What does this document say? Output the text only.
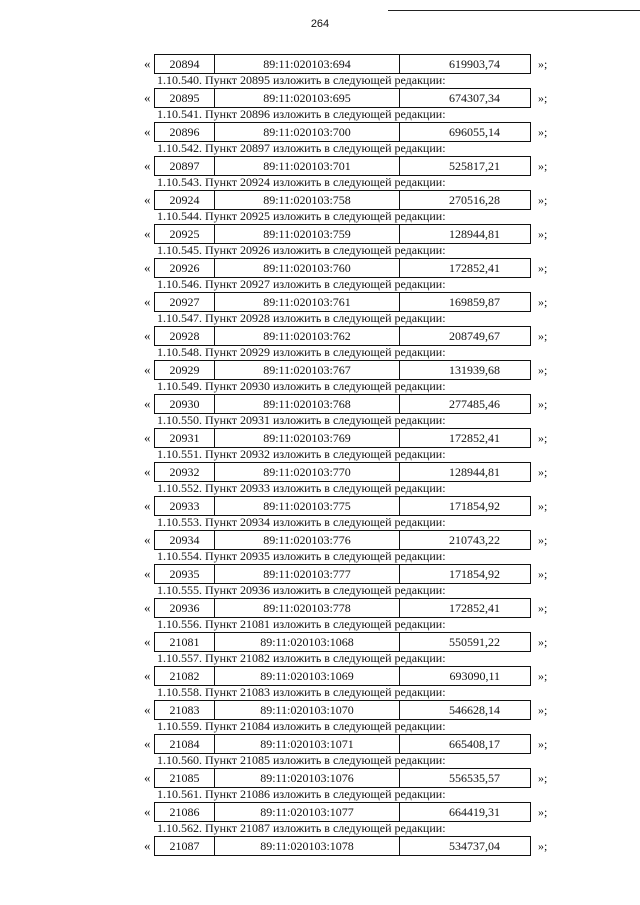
264
«	20894	89:11:020103:694	619903,74	»;
1.10.540. Пункт 20895 изложить в следующей редакции:
«	20895	89:11:020103:695	674307,34	»;
1.10.541. Пункт 20896 изложить в следующей редакции:
«	20896	89:11:020103:700	696055,14	»;
1.10.542. Пункт 20897 изложить в следующей редакции:
«	20897	89:11:020103:701	525817,21	»;
1.10.543. Пункт 20924 изложить в следующей редакции:
«	20924	89:11:020103:758	270516,28	»;
1.10.544. Пункт 20925 изложить в следующей редакции:
«	20925	89:11:020103:759	128944,81	»;
1.10.545. Пункт 20926 изложить в следующей редакции:
«	20926	89:11:020103:760	172852,41	»;
1.10.546. Пункт 20927 изложить в следующей редакции:
«	20927	89:11:020103:761	169859,87	»;
1.10.547. Пункт 20928 изложить в следующей редакции:
«	20928	89:11:020103:762	208749,67	»;
1.10.548. Пункт 20929 изложить в следующей редакции:
«	20929	89:11:020103:767	131939,68	»;
1.10.549. Пункт 20930 изложить в следующей редакции:
«	20930	89:11:020103:768	277485,46	»;
1.10.550. Пункт 20931 изложить в следующей редакции:
«	20931	89:11:020103:769	172852,41	»;
1.10.551. Пункт 20932 изложить в следующей редакции:
«	20932	89:11:020103:770	128944,81	»;
1.10.552. Пункт 20933 изложить в следующей редакции:
«	20933	89:11:020103:775	171854,92	»;
1.10.553. Пункт 20934 изложить в следующей редакции:
«	20934	89:11:020103:776	210743,22	»;
1.10.554. Пункт 20935 изложить в следующей редакции:
«	20935	89:11:020103:777	171854,92	»;
1.10.555. Пункт 20936 изложить в следующей редакции:
«	20936	89:11:020103:778	172852,41	»;
1.10.556. Пункт 21081 изложить в следующей редакции:
«	21081	89:11:020103:1068	550591,22	»;
1.10.557. Пункт 21082 изложить в следующей редакции:
«	21082	89:11:020103:1069	693090,11	»;
1.10.558. Пункт 21083 изложить в следующей редакции:
«	21083	89:11:020103:1070	546628,14	»;
1.10.559. Пункт 21084 изложить в следующей редакции:
«	21084	89:11:020103:1071	665408,17	»;
1.10.560. Пункт 21085 изложить в следующей редакции:
«	21085	89:11:020103:1076	556535,57	»;
1.10.561. Пункт 21086 изложить в следующей редакции:
«	21086	89:11:020103:1077	664419,31	»;
1.10.562. Пункт 21087 изложить в следующей редакции:
«	21087	89:11:020103:1078	534737,04	»;
